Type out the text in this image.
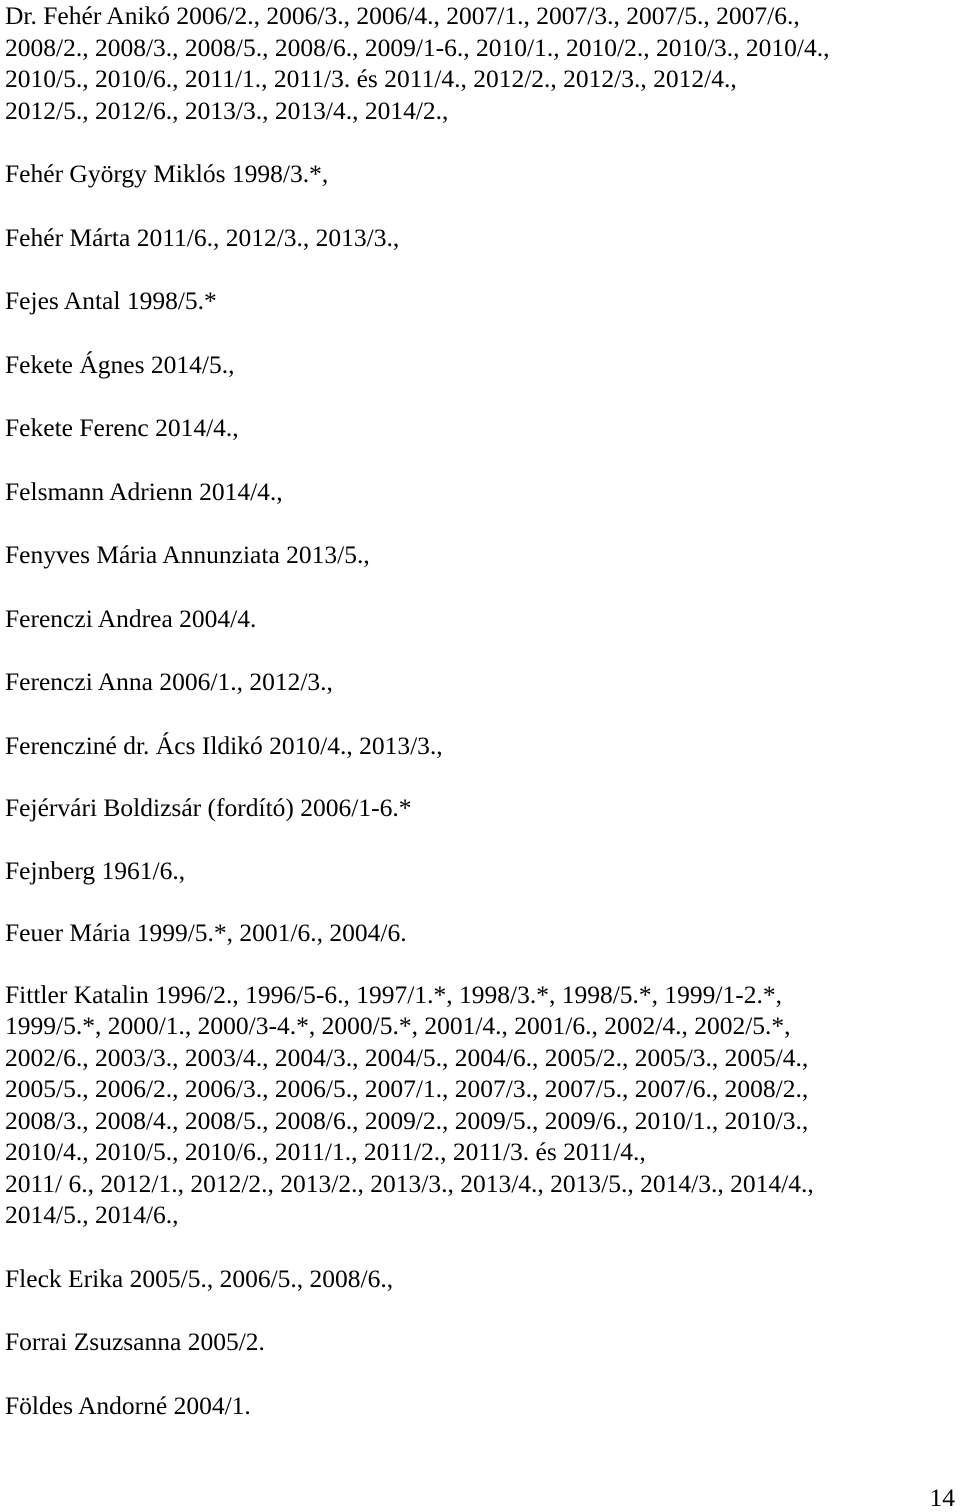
Dr. Fehér Anikó 2006/2., 2006/3., 2006/4., 2007/1., 2007/3., 2007/5., 2007/6.,
2008/2., 2008/3., 2008/5., 2008/6., 2009/1-6., 2010/1., 2010/2., 2010/3., 2010/4.,
2010/5., 2010/6., 2011/1., 2011/3. és 2011/4., 2012/2., 2012/3., 2012/4.,
2012/5., 2012/6., 2013/3., 2013/4., 2014/2.,
Fehér György Miklós 1998/3.*,
Fehér Márta 2011/6., 2012/3., 2013/3.,
Fejes Antal 1998/5.*
Fekete Ágnes 2014/5.,
Fekete Ferenc 2014/4.,
Felsmann Adrienn 2014/4.,
Fenyves Mária Annunziata 2013/5.,
Ferenczi Andrea 2004/4.
Ferenczi Anna 2006/1., 2012/3.,
Ferencziné dr. Ács Ildikó 2010/4., 2013/3.,
Fejérvári Boldizsár (fordító) 2006/1-6.*
Fejnberg 1961/6.,
Feuer Mária 1999/5.*, 2001/6., 2004/6.
Fittler Katalin 1996/2., 1996/5-6., 1997/1.*, 1998/3.*, 1998/5.*, 1999/1-2.*,
1999/5.*, 2000/1., 2000/3-4.*, 2000/5.*, 2001/4., 2001/6., 2002/4., 2002/5.*,
2002/6., 2003/3., 2003/4., 2004/3., 2004/5., 2004/6., 2005/2., 2005/3., 2005/4.,
2005/5., 2006/2., 2006/3., 2006/5., 2007/1., 2007/3., 2007/5., 2007/6., 2008/2.,
2008/3., 2008/4., 2008/5., 2008/6., 2009/2., 2009/5., 2009/6., 2010/1., 2010/3.,
2010/4., 2010/5., 2010/6., 2011/1., 2011/2., 2011/3. és 2011/4.,
2011/ 6., 2012/1., 2012/2., 2013/2., 2013/3., 2013/4., 2013/5., 2014/3., 2014/4.,
2014/5., 2014/6.,
Fleck Erika 2005/5., 2006/5., 2008/6.,
Forrai Zsuzsanna 2005/2.
Földes Andorné 2004/1.
14
